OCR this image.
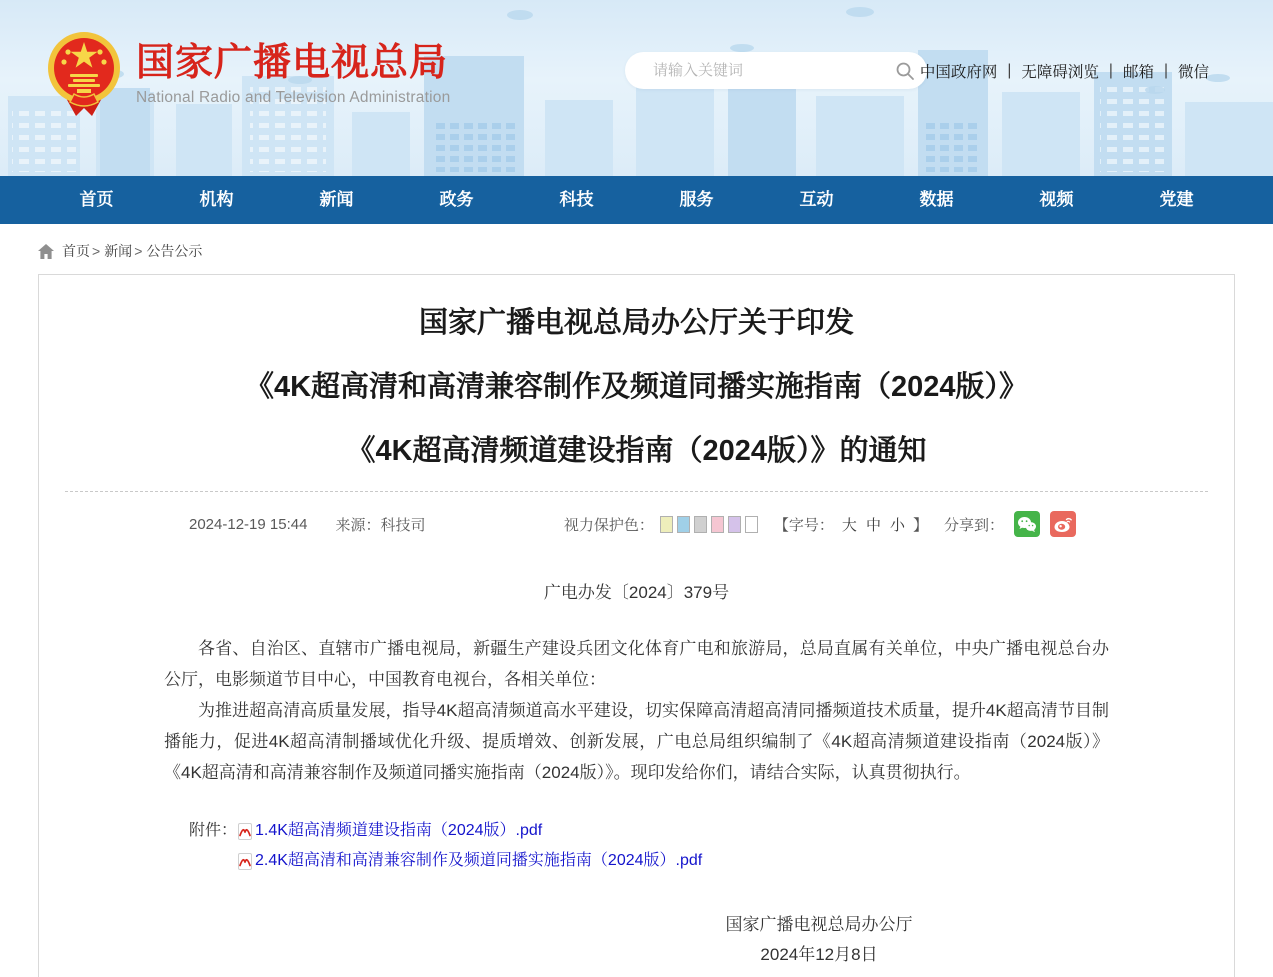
国家广播电视总局
National Radio and Television Administration
请输入关键词
中国政府网 | 无障碍浏览 | 邮箱 | 微信
首页	机构	新闻	政务	科技	服务	互动	数据	视频	党建
首页 > 新闻 > 公告公示
国家广播电视总局办公厅关于印发
《4K超高清和高清兼容制作及频道同播实施指南（2024版）》
《4K超高清频道建设指南（2024版）》的通知
2024-12-19 15:44 来源：科技司	视力保护色：	【字号： 大 中 小 】 分享到：
广电办发〔2024〕379号

各省、自治区、直辖市广播电视局，新疆生产建设兵团文化体育广电和旅游局，总局直属有关单位，中央广播电视总台办公厅，电影频道节目中心，中国教育电视台，各相关单位：

为推进超高清高质量发展，指导4K超高清频道高水平建设，切实保障高清超高清同播频道技术质量，提升4K超高清节目制播能力，促进4K超高清制播域优化升级、提质增效、创新发展，广电总局组织编制了《4K超高清频道建设指南（2024版）》《4K超高清和高清兼容制作及频道同播实施指南（2024版）》。现印发给你们，请结合实际，认真贯彻执行。

附件： 1.4K超高清频道建设指南（2024版）.pdf
2.4K超高清和高清兼容制作及频道同播实施指南（2024版）.pdf
国家广播电视总局办公厅
2024年12月8日
